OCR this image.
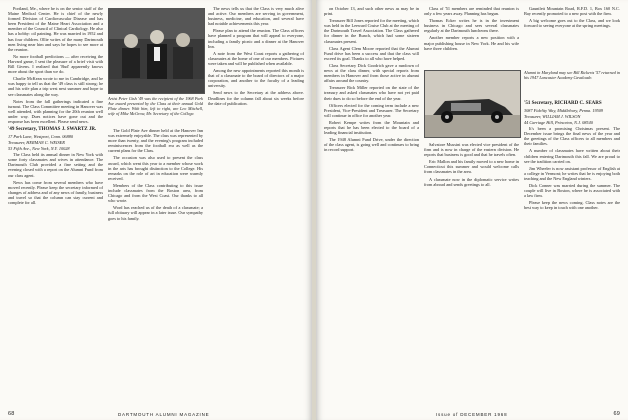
Portland, Me., where he is on the senior staff of the Maine Medical Center. He is chief of the newly formed Division of Cardiovascular Disease and has been President of the Maine Heart Association and a member of the Council of Clinical Cardiology. He also has a hobby: oil painting. He was married in 1952 and has four children. Ollie writes of the many Dartmouth men living near him and says he hopes to see more at the reunion.

No more football predictions — after receiving the Harvard game, I sent the pleasure of a brief visit with Bill Givens. I realized that 'Bud' apparently knows more about the sport than we do.

Charlie McKean wrote to me in Cambridge, and he was happy to tell us that the '49 class is still strong; he and his wife plan a trip west next summer and hope to see classmates along the way.

Notes from the fall gatherings indicated a fine turnout. The Class Committee meeting in Hanover was well attended, with planning for the 20th reunion well under way. Dues notices have gone out and the response has been excellent. Please send news.

'49 Secretary, THOMAS J. SWARTZ JR.

17 Park Lane, Westport, Conn. 06880

Treasurer, HERMAN C. WEISER

53 Fifth Ave., New York, N.Y. 10028

The Class held its annual dinner in New York with some forty classmates and wives in attendance. The Dartmouth Club provided a fine setting and the evening closed with a report on the Alumni Fund from our class agent.

News has come from several members who have moved recently. Please keep the secretary informed of changes of address and of any news of family, business and travel so that the column can stay current and complete for all.

Artist Peter Gish '49 was the recipient of the 1968 Park Ave award presented by the Class at their annual Gold Plate dinner. With him, left to right, are Leo Mitchell, wife of Mike McGrow, Mr. Secretary of the College.

The Gold Plate Ave dinner held at the Hanover Inn was extremely enjoyable. The class was represented by more than twenty, and the evening's program included reminiscences from the football era as well as the current plans for the Class.

The occasion was also used to present the class award, which went this year to a member whose work in the arts has brought distinction to the College. His remarks on the role of art in education were warmly received.

Members of the Class contributing to this issue include classmates from the Boston area, from Chicago and from the West Coast. Our thanks to all who wrote.

Word has reached us of the death of a classmate; a full obituary will appear in a later issue. Our sympathy goes to his family.

The news tells us that the Class is very much alive and active. Our members are serving in government, business, medicine, and education, and several have had notable achievements this year.

Please plan to attend the reunion. The Class officers have planned a program that will appeal to everyone, including a family picnic and a dinner at the Hanover Inn.

A note from the West Coast reports a gathering of classmates at the home of one of our members. Pictures were taken and will be published when available.

Among the new appointments reported this month is that of a classmate to the board of directors of a major corporation, and another to the faculty of a leading university.

Send news to the Secretary at the address above. Deadlines for the column fall about six weeks before the date of publication.

68	DARTMOUTH ALUMNI MAGAZINE

on October 13, and such other news as may be in print.

Treasurer Bill Jones reported for the meeting, which was held in the Leeward Cruise Club at the meeting of the Dartmouth Travel Association. The Class gathered for dinner in the Bunch, which had some sixteen classmates present.

Class Agent Clem Moore reported that the Alumni Fund drive has been a success and that the class will exceed its goal. Thanks to all who have helped.

Class Secretary Dick Goodrich gave a rundown of news at the class dinner, with special reports from members in Hanover and from those active in alumni affairs around the country.

Treasurer Rick Miller reported on the state of the treasury and asked classmates who have not yet paid their dues to do so before the end of the year.

Officers elected for the coming term include a new President, Vice-President and Treasurer. The Secretary will continue in office for another year.

Robert Kempe writes from the Mountain and reports that he has been elected to the board of a leading financial institution.

The 1948 Alumni Fund Drive, under the direction of the class agent, is going well and continues to bring in record support.

Class of '51 members are reminded that reunion is only a few years away. Planning has begun.

Thomas Ecker writes he is in the investment business in Chicago and sees several classmates regularly at the Dartmouth luncheons there.

Another member reports a new position with a major publishing house in New York. He and his wife have three children.

Salvatore Mussini was elected vice president of the firm and is now in charge of the eastern division. He reports that business is good and that he travels often.

Eric Mallon and his family moved to a new home in Connecticut this summer and would welcome calls from classmates in the area.

A classmate now in the diplomatic service writes from abroad and sends greetings to all.

Alumni in Maryland may see Bill Rickerts '57 returned in his 1947 Lancaster Academy Cavalcade.

Gauntlett Mountain Road, R.F.D. 1, Box 160 N.C. Bay recently promoted to a new post with the firm.

A big welcome goes out to the Class, and we look forward to seeing everyone at the spring meetings.

'51 Secretary, RICHARD C. SEARS

3087 Fidelity Way, Middlebury, Penna. 19509

Treasurer, WILLIAM J. WILSON

44 Carriage Hill, Princeton, N.J. 08540

It's been a promising Christmas present. The December issue brings the final news of the year and the greetings of the Class officers to all members and their families.

A number of classmates have written about their children entering Dartmouth this fall. We are proud to see the tradition carried on.

Jim Wheeler is now assistant professor of English at a college in Vermont; he writes that he is enjoying both teaching and the New England winters.

Dick Conner was married during the summer. The couple will live in Boston, where he is associated with a law firm.

Please keep the news coming. Class notes are the best way to keep in touch with one another.

Issue of DECEMBER 1968	69
